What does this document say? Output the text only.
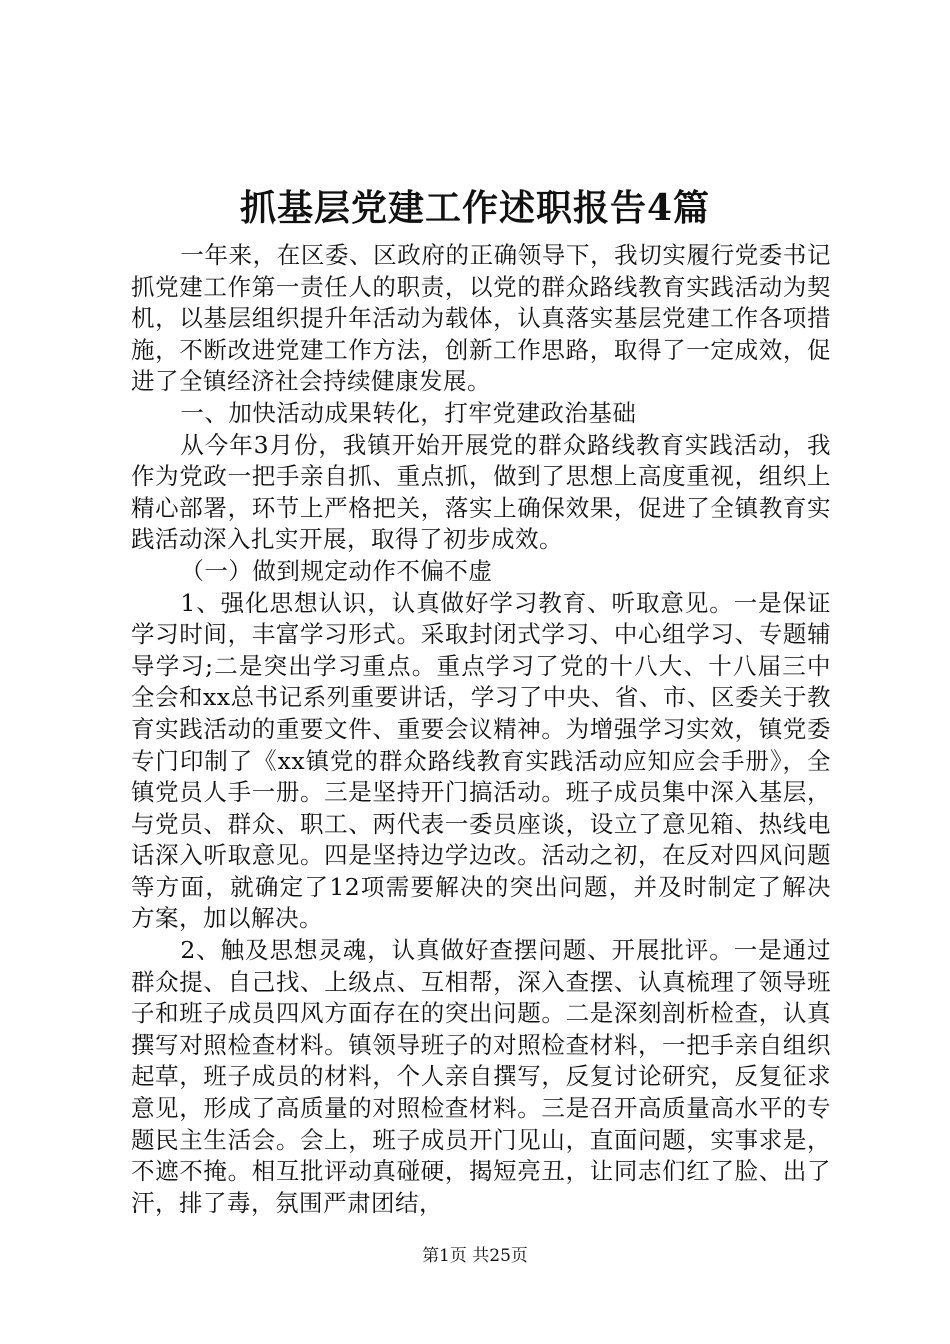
抓基层党建工作述职报告4篇

一年来，在区委、区政府的正确领导下，我切实履行党委书记抓党建工作第一责任人的职责，以党的群众路线教育实践活动为契机，以基层组织提升年活动为载体，认真落实基层党建工作各项措施，不断改进党建工作方法，创新工作思路，取得了一定成效，促进了全镇经济社会持续健康发展。

一、加快活动成果转化，打牢党建政治基础

从今年3月份，我镇开始开展党的群众路线教育实践活动，我作为党政一把手亲自抓、重点抓，做到了思想上高度重视，组织上精心部署，环节上严格把关，落实上确保效果，促进了全镇教育实践活动深入扎实开展，取得了初步成效。

（一）做到规定动作不偏不虚

1、强化思想认识，认真做好学习教育、听取意见。一是保证学习时间，丰富学习形式。采取封闭式学习、中心组学习、专题辅导学习;二是突出学习重点。重点学习了党的十八大、十八届三中全会和xx总书记系列重要讲话，学习了中央、省、市、区委关于教育实践活动的重要文件、重要会议精神。为增强学习实效，镇党委专门印制了《xx镇党的群众路线教育实践活动应知应会手册》，全镇党员人手一册。三是坚持开门搞活动。班子成员集中深入基层，与党员、群众、职工、两代表一委员座谈，设立了意见箱、热线电话深入听取意见。四是坚持边学边改。活动之初，在反对四风问题等方面，就确定了12项需要解决的突出问题，并及时制定了解决方案，加以解决。

2、触及思想灵魂，认真做好查摆问题、开展批评。一是通过群众提、自己找、上级点、互相帮，深入查摆、认真梳理了领导班子和班子成员四风方面存在的突出问题。二是深刻剖析检查，认真撰写对照检查材料。镇领导班子的对照检查材料，一把手亲自组织起草，班子成员的材料，个人亲自撰写，反复讨论研究，反复征求意见，形成了高质量的对照检查材料。三是召开高质量高水平的专题民主生活会。会上，班子成员开门见山，直面问题，实事求是，不遮不掩。相互批评动真碰硬，揭短亮丑，让同志们红了脸、出了汗，排了毒，氛围严肃团结，

第1页 共25页
